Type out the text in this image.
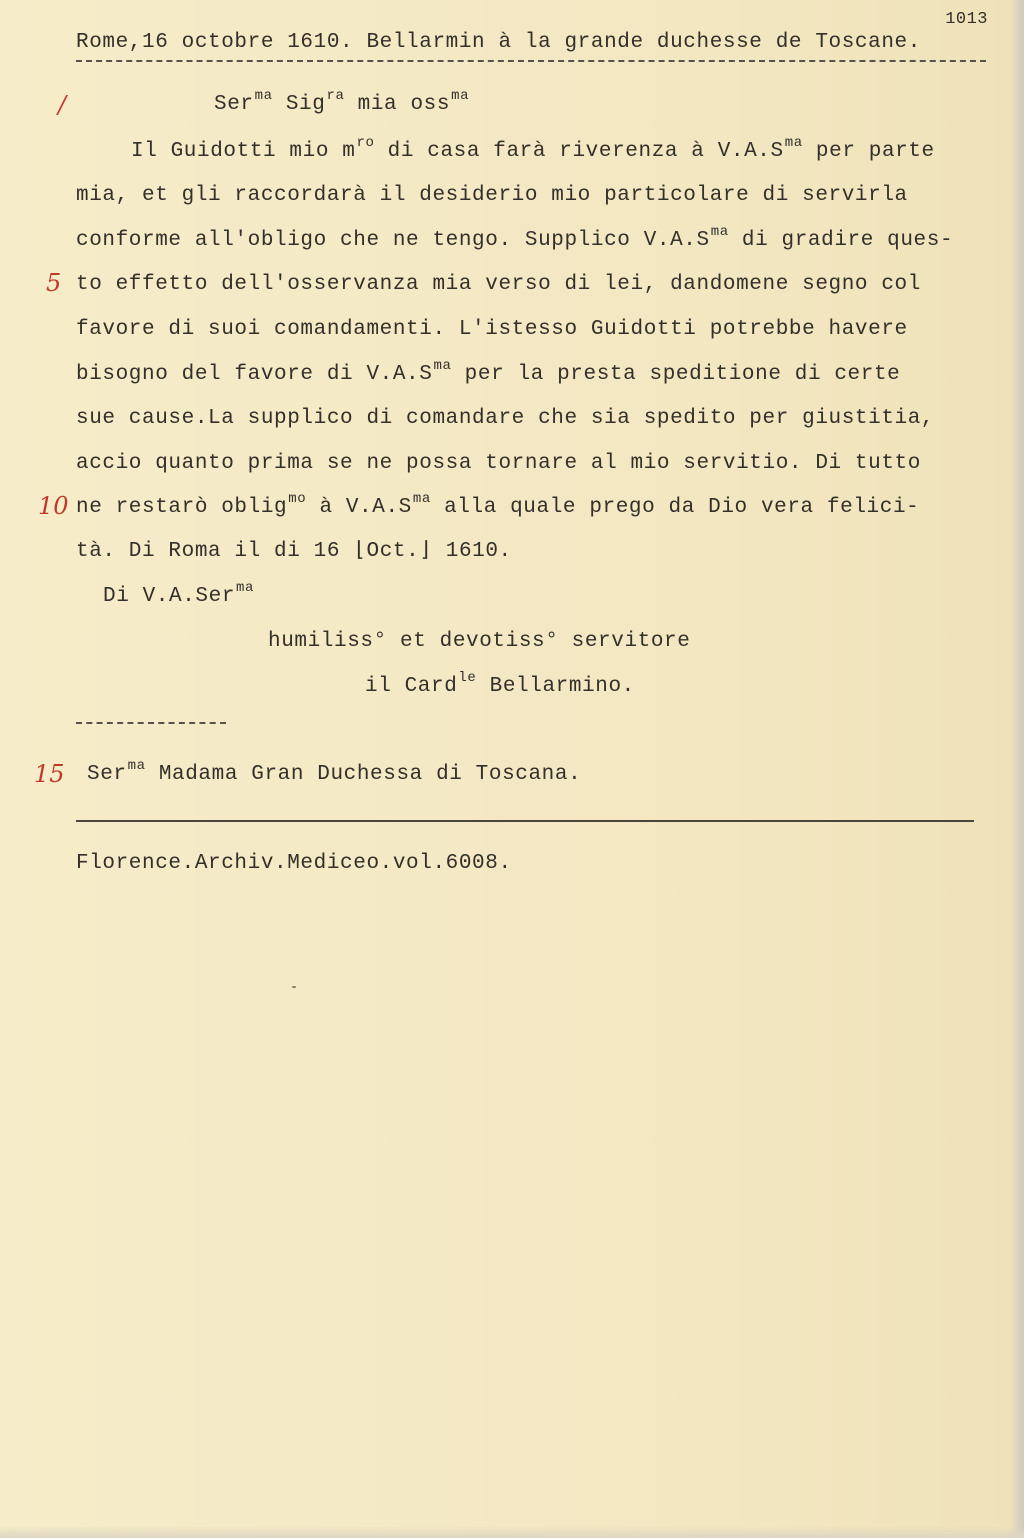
1013
Rome,16 octobre 1610. Bellarmin à la grande duchesse de Toscane.
Ser$^{ma}$ Sig$^{ra}$ mia oss$^{ma}$
Il Guidotti mio $m^{ro}$ di casa farà riverenza à $V.A.S^{ma}$ per parte
mia, et gli raccordarà il desiderio mio particolare di servirla
conforme all'obligo che ne tengo. Supplico $V.A.S^{ma}$ di gradire ques-
to effetto dell'osservanza mia verso di lei, dandomene segno col
favore di suoi comandamenti. L'istesso Guidotti potrebbe havere
bisogno del favore di $V.A.S^{ma}$ per la presta speditione di certe
sue cause.La supplico di comandare che sia spedito per giustitia,
accio quanto prima se ne possa tornare al mio servitio. Di tutto
ne restarò oblig$^{mo}$ à $V.A.S^{ma}$ alla quale prego da Dio vera felici-
tà. Di Roma il di 16 ⌊Oct.⌋ 1610.
Di V.A.Ser$^{ma}$
humiliss° et devotiss° servitore
il Card$^{le}$ Bellarmino.
Ser$^{ma}$ Madama Gran Duchessa di Toscana.
Florence.Archiv.Mediceo.vol.6008.
/
5
10
15
